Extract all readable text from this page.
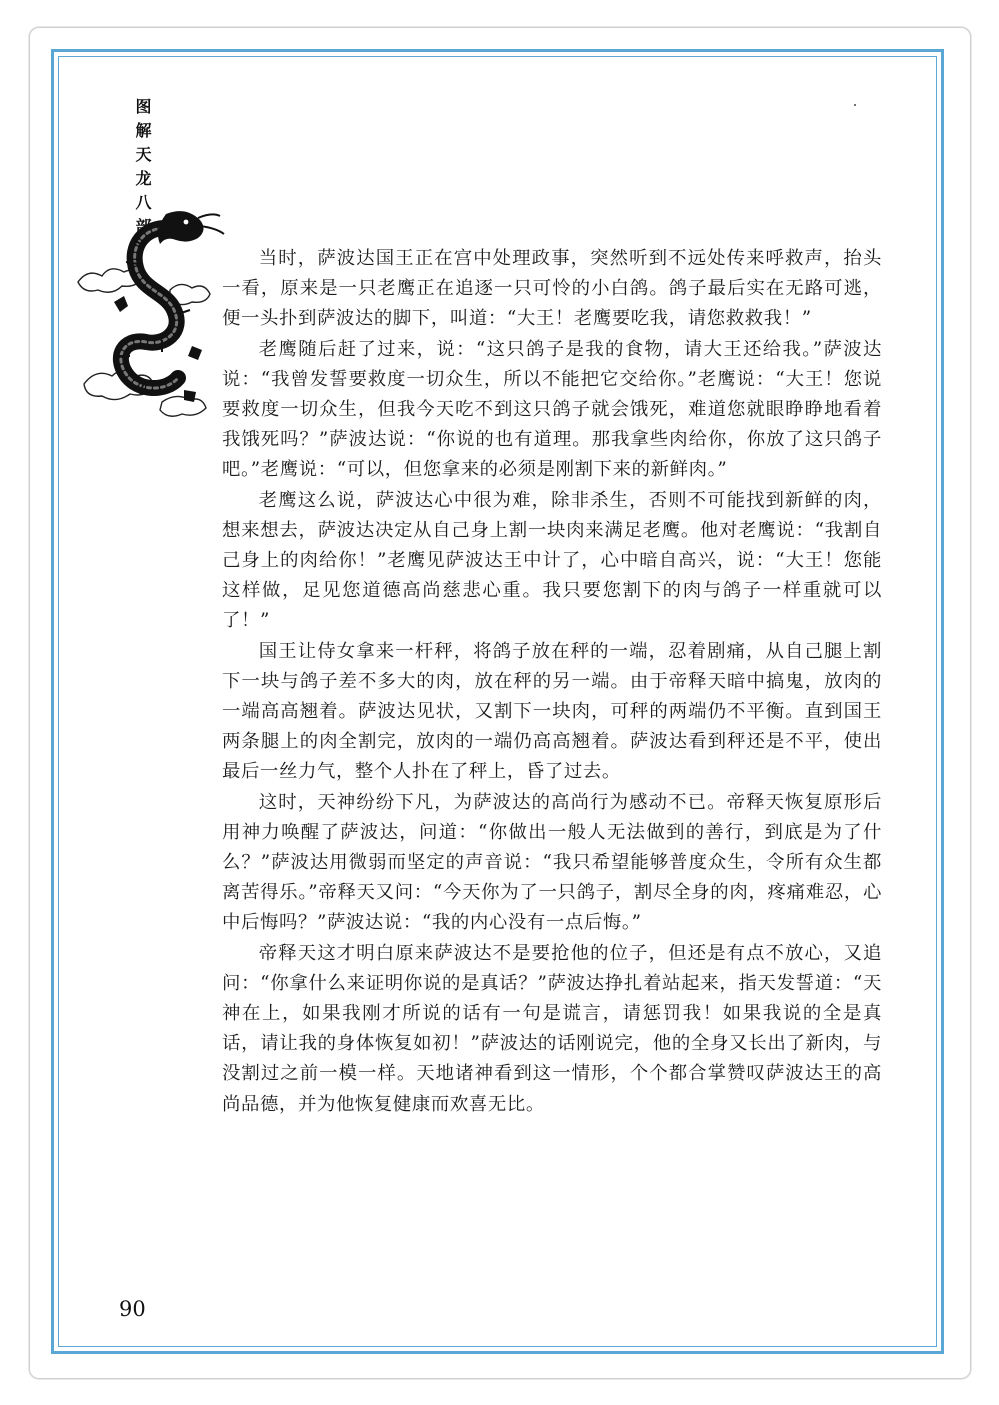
图解天龙八部

当时，萨波达国王正在宫中处理政事，突然听到不远处传来呼救声，抬头一看，原来是一只老鹰正在追逐一只可怜的小白鸽。鸽子最后实在无路可逃，便一头扑到萨波达的脚下，叫道：“大王！老鹰要吃我，请您救救我！”

老鹰随后赶了过来，说：“这只鸽子是我的食物，请大王还给我。”萨波达说：“我曾发誓要救度一切众生，所以不能把它交给你。”老鹰说：“大王！您说要救度一切众生，但我今天吃不到这只鸽子就会饿死，难道您就眼睁睁地看着我饿死吗？”萨波达说：“你说的也有道理。那我拿些肉给你，你放了这只鸽子吧。”老鹰说：“可以，但您拿来的必须是刚割下来的新鲜肉。”

老鹰这么说，萨波达心中很为难，除非杀生，否则不可能找到新鲜的肉，想来想去，萨波达决定从自己身上割一块肉来满足老鹰。他对老鹰说：“我割自己身上的肉给你！”老鹰见萨波达王中计了，心中暗自高兴，说：“大王！您能这样做，足见您道德高尚慈悲心重。我只要您割下的肉与鸽子一样重就可以了！”

国王让侍女拿来一杆秤，将鸽子放在秤的一端，忍着剧痛，从自己腿上割下一块与鸽子差不多大的肉，放在秤的另一端。由于帝释天暗中搞鬼，放肉的一端高高翘着。萨波达见状，又割下一块肉，可秤的两端仍不平衡。直到国王两条腿上的肉全割完，放肉的一端仍高高翘着。萨波达看到秤还是不平，使出最后一丝力气，整个人扑在了秤上，昏了过去。

这时，天神纷纷下凡，为萨波达的高尚行为感动不已。帝释天恢复原形后用神力唤醒了萨波达，问道：“你做出一般人无法做到的善行，到底是为了什么？”萨波达用微弱而坚定的声音说：“我只希望能够普度众生，令所有众生都离苦得乐。”帝释天又问：“今天你为了一只鸽子，割尽全身的肉，疼痛难忍，心中后悔吗？”萨波达说：“我的内心没有一点后悔。”

帝释天这才明白原来萨波达不是要抢他的位子，但还是有点不放心，又追问：“你拿什么来证明你说的是真话？”萨波达挣扎着站起来，指天发誓道：“天神在上，如果我刚才所说的话有一句是谎言，请惩罚我！如果我说的全是真话，请让我的身体恢复如初！”萨波达的话刚说完，他的全身又长出了新肉，与没割过之前一模一样。天地诸神看到这一情形，个个都合掌赞叹萨波达王的高尚品德，并为他恢复健康而欢喜无比。

90
